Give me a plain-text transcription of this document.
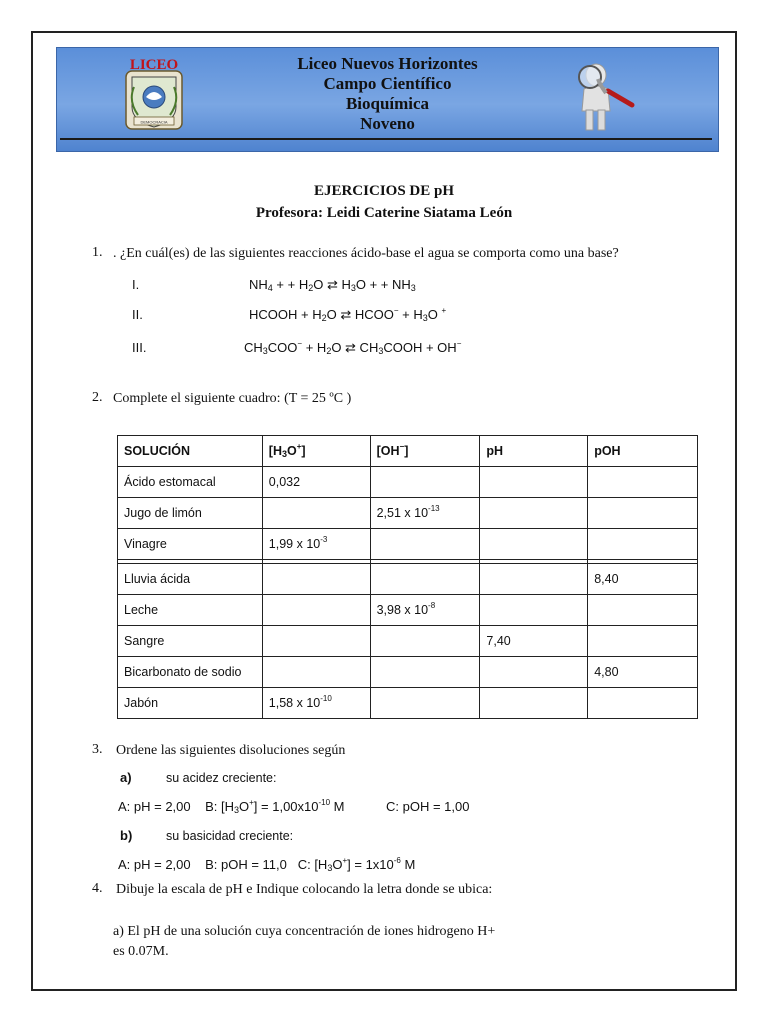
LICEO
DEMOCRACIA
Liceo Nuevos Horizontes
Campo Científico
Bioquímica
Noveno
EJERCICIOS DE pH
Profesora: Leidi Caterine Siatama León
1. . ¿En cuál(es) de las siguientes reacciones ácido-base el agua se comporta como una base?
I.	$NH_4$ + + $H_2O$ ⇄ $H_3O$ + + $NH_3$
II.	HCOOH + $H_2O$ ⇄ HCOO− + $H_3O$ +
III.	$CH_3COO^- + H_2O$ ⇄ $CH_3COOH + OH^-$
2. Complete el siguiente cuadro: (T = 25 ºC )
SOLUCIÓN	$[H_3O^+]$	[OH−]	pH	pOH
Ácido estomacal	0,032			
Jugo de limón		2,51 x $10^{-13}$		
Vinagre	1,99 x $10^{-3}$			

Lluvia ácida				8,40
Leche		3,98 x $10^{-8}$		
Sangre			7,40	
Bicarbonato de sodio				4,80
Jabón	1,58 x $10^{-10}$			
3. Ordene las siguientes disoluciones según
a)	su acidez creciente:
A: pH = 2,00    B: $[H_3O^+] = 1,00x10^{-10}$ M	C: pOH = 1,00
b)	su basicidad creciente:
A: pH = 2,00 B: pOH = 11,0   C: $[H_3O^+] = 1x10^{-6}$ M
4. Dibuje la escala de pH e Indique colocando la letra donde se ubica:
a) El pH de una solución cuya concentración de iones hidrogeno H+
es 0.07M.
